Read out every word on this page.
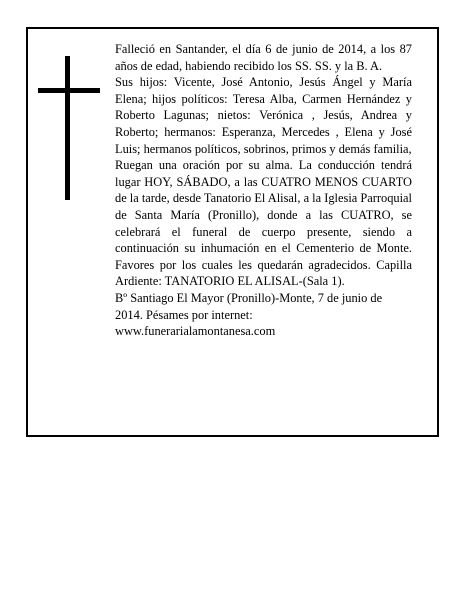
Falleció en Santander, el día 6 de junio de 2014, a los 87 años de edad, habiendo recibido los SS. SS. y la B. A.

Sus hijos: Vicente, José Antonio, Jesús Ángel y María Elena; hijos políticos: Teresa Alba, Carmen Hernández y Roberto Lagunas; nietos: Verónica , Jesús, Andrea y Roberto; hermanos: Esperanza, Mercedes , Elena y José Luis; hermanos políticos, sobrinos, primos y demás familia,

Ruegan una oración por su alma. La conducción tendrá lugar HOY, SÁBADO, a las CUATRO MENOS CUARTO de la tarde, desde Tanatorio El Alisal, a la Iglesia Parroquial de Santa María (Pronillo), donde a las CUATRO, se celebrará el funeral de cuerpo presente, siendo a continuación su inhumación en el Cementerio de Monte. Favores por los cuales les quedarán agradecidos. Capilla Ardiente: TANATORIO EL ALISAL-(Sala 1).

Bº Santiago El Mayor (Pronillo)-Monte, 7 de junio de 2014. Pésames por internet: www.funerarialamontanesa.com
